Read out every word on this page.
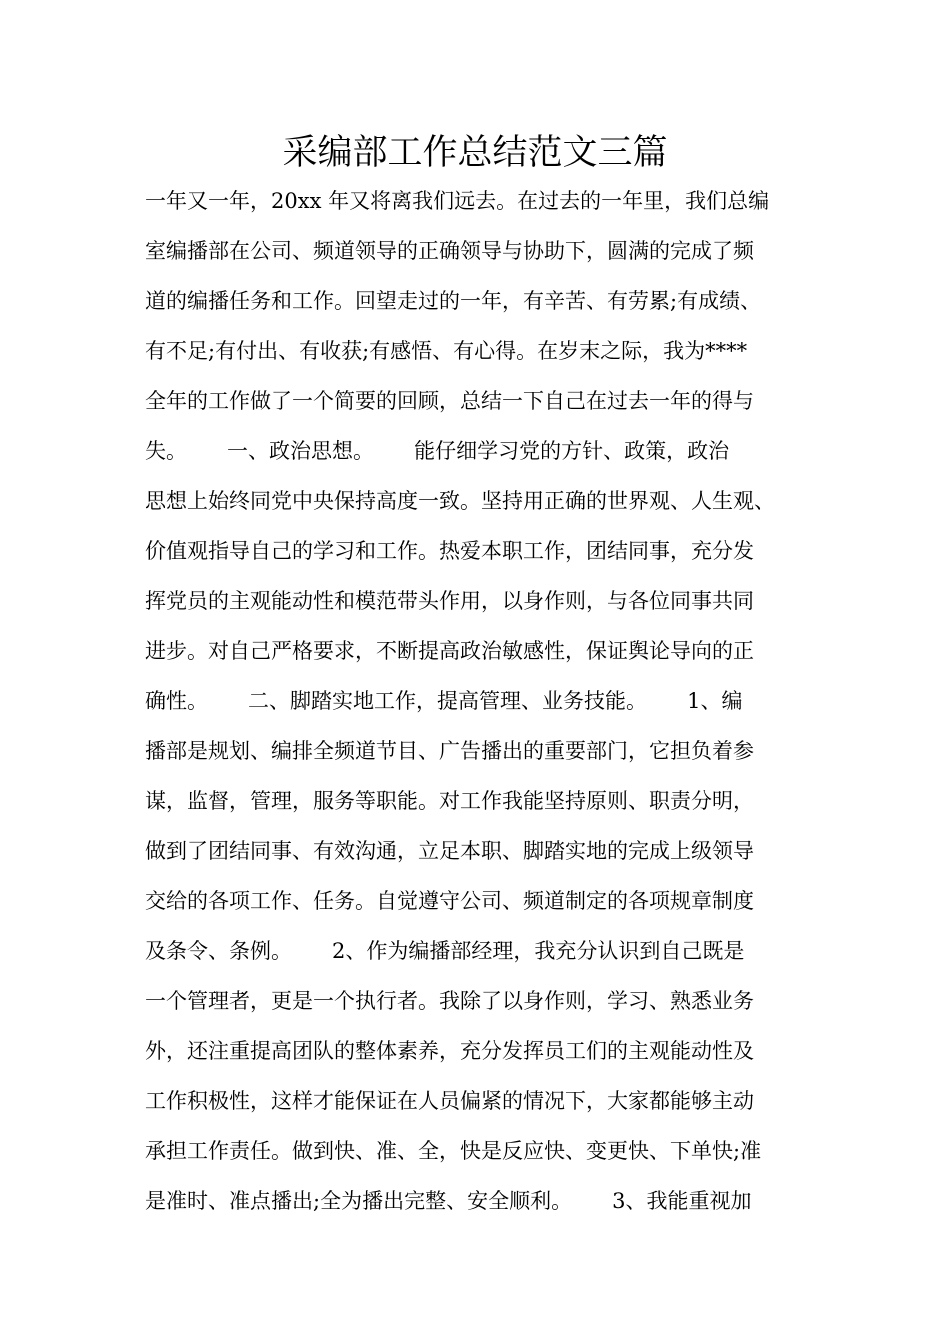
采编部工作总结范文三篇
一年又一年，20xx 年又将离我们远去。在过去的一年里，我们总编
室编播部在公司、频道领导的正确领导与协助下，圆满的完成了频
道的编播任务和工作。回望走过的一年，有辛苦、有劳累;有成绩、
有不足;有付出、有收获;有感悟、有心得。在岁末之际，我为****
全年的工作做了一个简要的回顾，总结一下自己在过去一年的得与
失。      一、政治思想。      能仔细学习党的方针、政策，政治
思想上始终同党中央保持高度一致。坚持用正确的世界观、人生观、
价值观指导自己的学习和工作。热爱本职工作，团结同事，充分发
挥党员的主观能动性和模范带头作用，以身作则，与各位同事共同
进步。对自己严格要求，不断提高政治敏感性，保证舆论导向的正
确性。      二、脚踏实地工作，提高管理、业务技能。      1、编
播部是规划、编排全频道节目、广告播出的重要部门，它担负着参
谋，监督，管理，服务等职能。对工作我能坚持原则、职责分明，
做到了团结同事、有效沟通，立足本职、脚踏实地的完成上级领导
交给的各项工作、任务。自觉遵守公司、频道制定的各项规章制度
及条令、条例。      2、作为编播部经理，我充分认识到自己既是
一个管理者，更是一个执行者。我除了以身作则，学习、熟悉业务
外，还注重提高团队的整体素养，充分发挥员工们的主观能动性及
工作积极性，这样才能保证在人员偏紧的情况下，大家都能够主动
承担工作责任。做到快、准、全，快是反应快、变更快、下单快;准
是准时、准点播出;全为播出完整、安全顺利。      3、我能重视加
